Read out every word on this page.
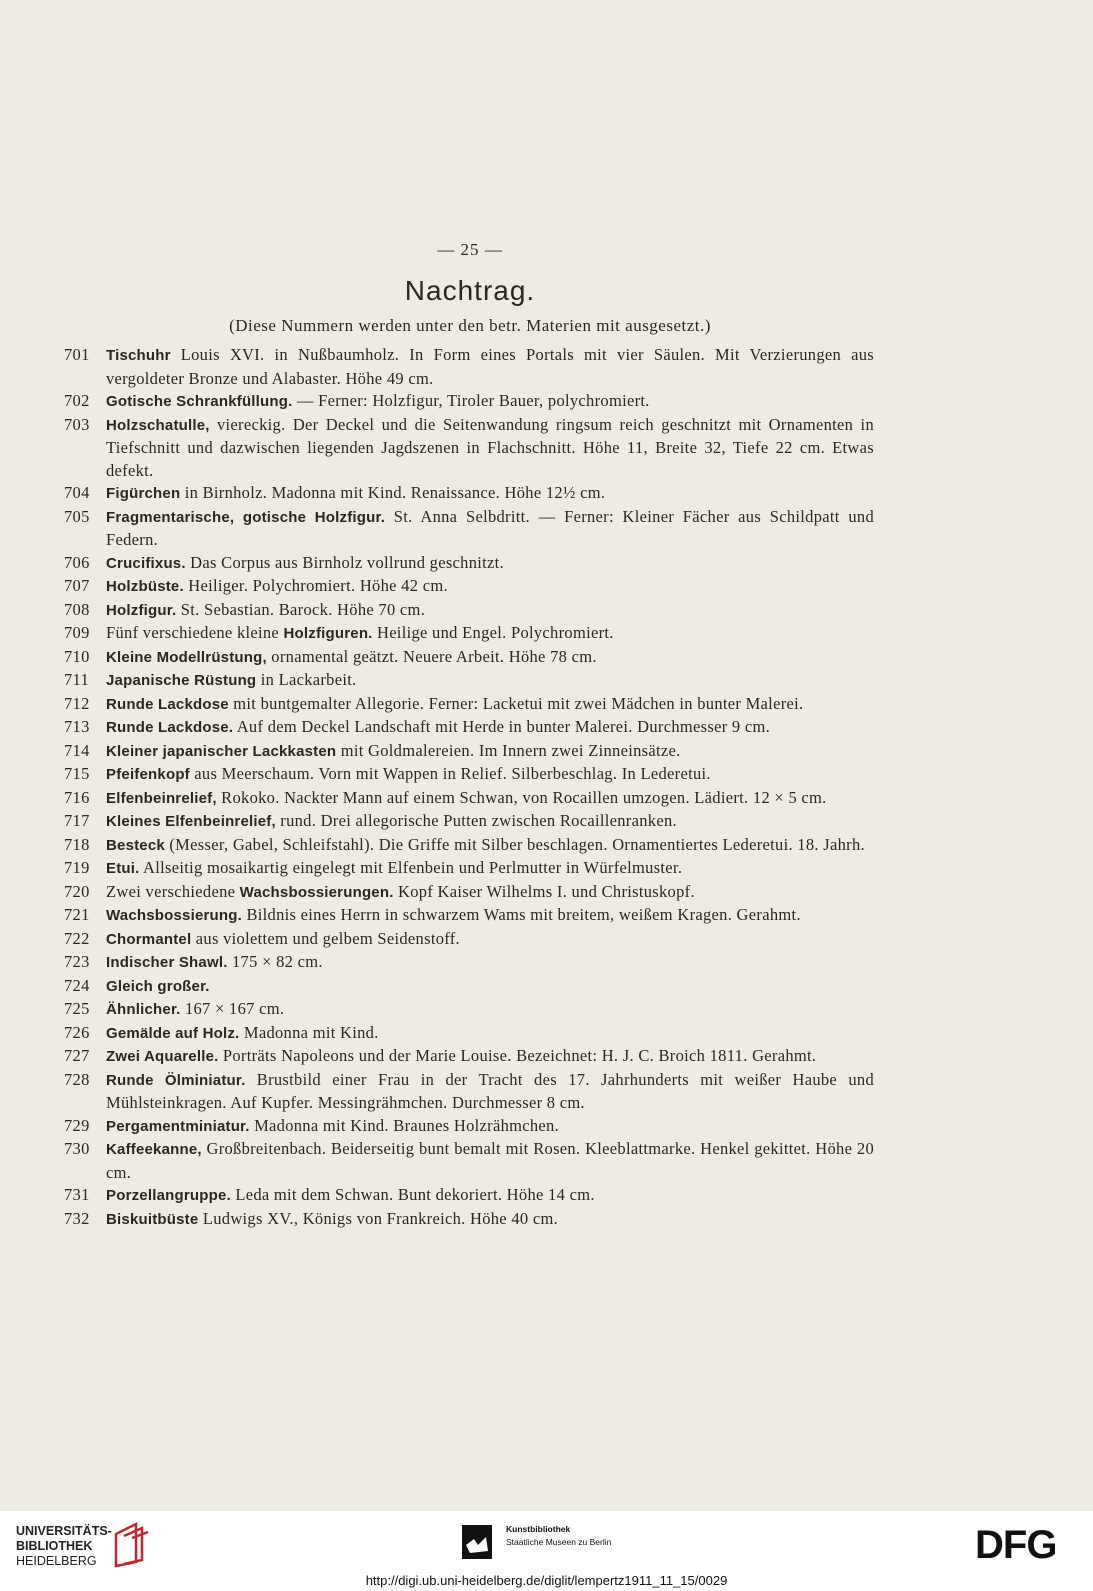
— 25 —
Nachtrag.
(Diese Nummern werden unter den betr. Materien mit ausgesetzt.)
701	Tischuhr Louis XVI. in Nußbaumholz. In Form eines Portals mit vier Säulen. Mit Verzierungen aus vergoldeter Bronze und Alabaster. Höhe 49 cm.
702	Gotische Schrankfüllung. — Ferner: Holzfigur, Tiroler Bauer, polychromiert.
703	Holzschatulle, viereckig. Der Deckel und die Seitenwandung ringsum reich geschnitzt mit Ornamenten in Tiefschnitt und dazwischen liegenden Jagdszenen in Flachschnitt. Höhe 11, Breite 32, Tiefe 22 cm. Etwas defekt.
704	Figürchen in Birnholz. Madonna mit Kind. Renaissance. Höhe 12½ cm.
705	Fragmentarische, gotische Holzfigur. St. Anna Selbdritt. — Ferner: Kleiner Fächer aus Schildpatt und Federn.
706	Crucifixus. Das Corpus aus Birnholz vollrund geschnitzt.
707	Holzbüste. Heiliger. Polychromiert. Höhe 42 cm.
708	Holzfigur. St. Sebastian. Barock. Höhe 70 cm.
709 Fünf verschiedene kleine Holzfiguren. Heilige und Engel. Polychromiert.
710	Kleine Modellrüstung, ornamental geätzt. Neuere Arbeit. Höhe 78 cm.
711	Japanische Rüstung in Lackarbeit.
712	Runde Lackdose mit buntgemalter Allegorie. Ferner: Lacketui mit zwei Mädchen in bunter Malerei.
713	Runde Lackdose. Auf dem Deckel Landschaft mit Herde in bunter Malerei. Durchmesser 9 cm.
714	Kleiner japanischer Lackkasten mit Goldmalereien. Im Innern zwei Zinneinsätze.
715	Pfeifenkopf aus Meerschaum. Vorn mit Wappen in Relief. Silberbeschlag. In Lederetui.
716	Elfenbeinrelief, Rokoko. Nackter Mann auf einem Schwan, von Rocaillen umzogen. Lädiert. 12 × 5 cm.
717	Kleines Elfenbeinrelief, rund. Drei allegorische Putten zwischen Rocaillenranken.
718	Besteck (Messer, Gabel, Schleifstahl). Die Griffe mit Silber beschlagen. Ornamentiertes Lederetui. 18. Jahrh.
719	Etui. Allseitig mosaikartig eingelegt mit Elfenbein und Perlmutter in Würfelmuster.
720 Zwei verschiedene Wachsbossierungen. Kopf Kaiser Wilhelms I. und Christuskopf.
721	Wachsbossierung. Bildnis eines Herrn in schwarzem Wams mit breitem, weißem Kragen. Gerahmt.
722	Chormantel aus violettem und gelbem Seidenstoff.
723	Indischer Shawl. 175 × 82 cm.
724	Gleich großer.
725	Ähnlicher. 167 × 167 cm.
726	Gemälde auf Holz. Madonna mit Kind.
727	Zwei Aquarelle. Porträts Napoleons und der Marie Louise. Bezeichnet: H. J. C. Broich 1811. Gerahmt.
728	Runde Ölminiatur. Brustbild einer Frau in der Tracht des 17. Jahrhunderts mit weißer Haube und Mühlsteinkragen. Auf Kupfer. Messingrähmchen. Durchmesser 8 cm.
729	Pergamentminiatur. Madonna mit Kind. Braunes Holzrähmchen.
730	Kaffeekanne, Großbreitenbach. Beiderseitig bunt bemalt mit Rosen. Kleeblattmarke. Henkel gekittet. Höhe 20 cm.
731	Porzellangruppe. Leda mit dem Schwan. Bunt dekoriert. Höhe 14 cm.
732	Biskuitbüste Ludwigs XV., Königs von Frankreich. Höhe 40 cm.
UNIVERSITÄTS-
BIBLIOTHEK
HEIDELBERG
Kunstbibliothek
Staatliche Museen zu Berlin	DFG
http://digi.ub.uni-heidelberg.de/diglit/lempertz1911_11_15/0029
